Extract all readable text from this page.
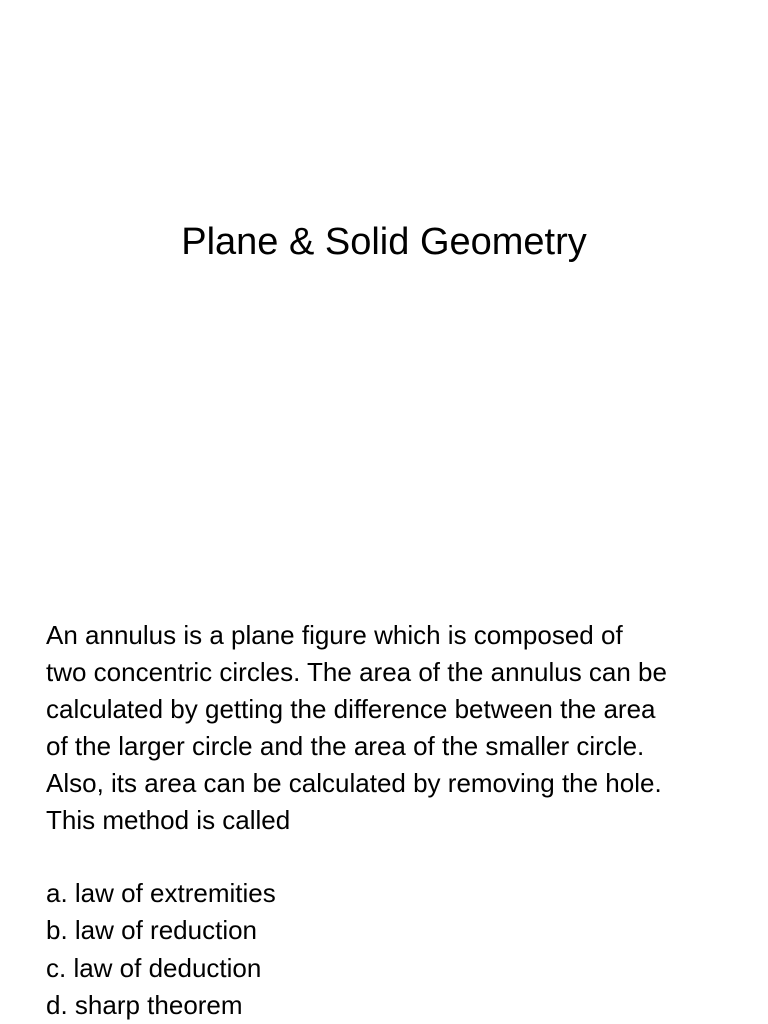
Plane & Solid Geometry
An annulus is a plane figure which is composed of
two concentric circles. The area of the annulus can be
calculated by getting the difference between the area
of the larger circle and the area of the smaller circle.
Also, its area can be calculated by removing the hole.
This method is called
a. law of extremities
b. law of reduction
c. law of deduction
d. sharp theorem
